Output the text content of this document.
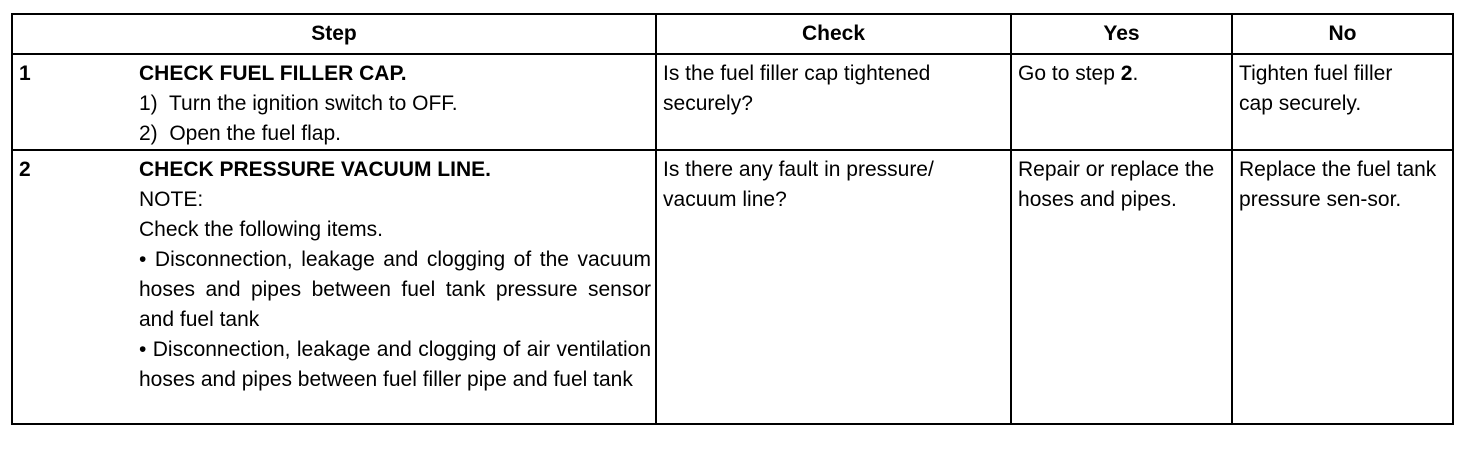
Step		Check	Yes	No
1	CHECK FUEL FILLER CAP.
1)  Turn the ignition switch to OFF.
2)  Open the fuel flap.	Is the fuel filler cap tightened securely?	Go to step 2.	Tighten fuel filler cap securely.

2	CHECK PRESSURE VACUUM LINE.
NOTE:
Check the following items.
• Disconnection, leakage and clogging of the vacuum hoses and pipes between fuel tank pressure sensor and fuel tank
• Disconnection, leakage and clogging of air ventilation hoses and pipes between fuel filler pipe and fuel tank	Is there any fault in pressure/ vacuum line?	Repair or replace the hoses and pipes.	Replace the fuel tank pressure sen-sor.
